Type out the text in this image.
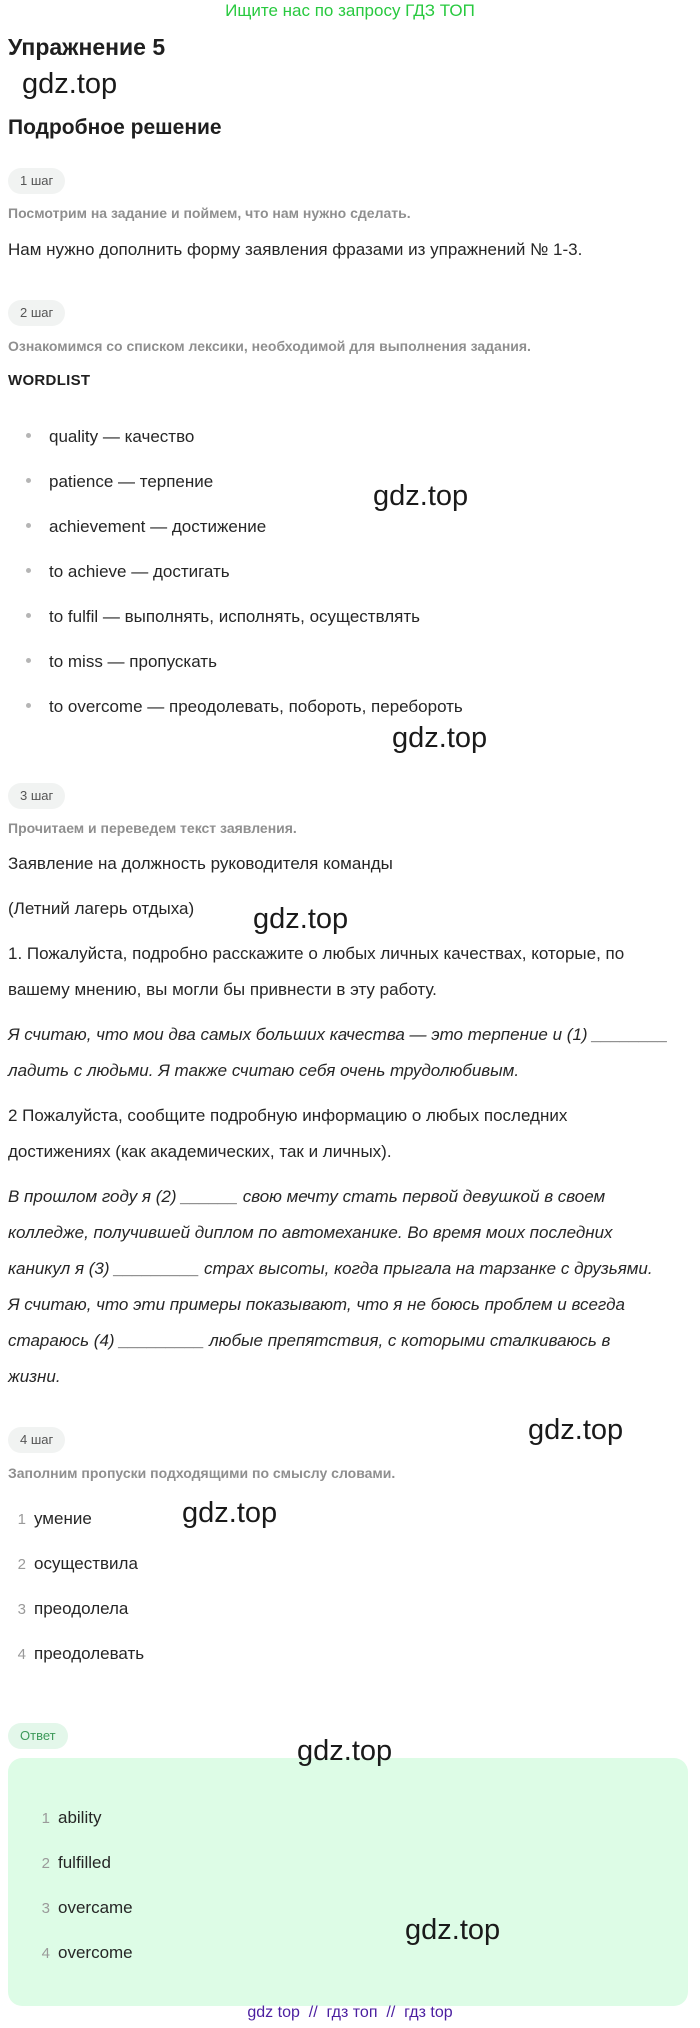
Ищите нас по запросу ГДЗ ТОП
Упражнение 5
gdz.top
Подробное решение
1 шаг
Посмотрим на задание и поймем, что нам нужно сделать.
Нам нужно дополнить форму заявления фразами из упражнений № 1-3.
2 шаг
Ознакомимся со списком лексики, необходимой для выполнения задания.
WORDLIST
quality — качество
patience — терпение
achievement — достижение
to achieve — достигать
to fulfil — выполнять, исполнять, осуществлять
to miss — пропускать
to overcome — преодолевать, побороть, перебороть
gdz.top
gdz.top
3 шаг
Прочитаем и переведем текст заявления.
Заявление на должность руководителя команды
(Летний лагерь отдыха) gdz.top
1. Пожалуйста, подробно расскажите о любых личных качествах, которые, по
вашему мнению, вы могли бы привнести в эту работу.
Я считаю, что мои два самых больших качества — это терпение и (1) ________
ладить с людьми. Я также считаю себя очень трудолюбивым.
2 Пожалуйста, сообщите подробную информацию о любых последних
достижениях (как академических, так и личных).
В прошлом году я (2) ______ свою мечту стать первой девушкой в своем
колледже, получившей диплом по автомеханике. Во время моих последних
каникул я (3) _________ страх высоты, когда прыгала на тарзанке с друзьями.
Я считаю, что эти примеры показывают, что я не боюсь проблем и всегда
стараюсь (4) _________ любые препятствия, с которыми сталкиваюсь в
жизни.
gdz.top
4 шаг
Заполним пропуски подходящими по смыслу словами.
1 умение
2 осуществила
3 преодолела
4 преодолевать
gdz.top
Ответ	gdz.top
1 ability
2 fulfilled
3 overcame
4 overcome
gdz.top
gdz top  //  гдз топ  //  гдз top
